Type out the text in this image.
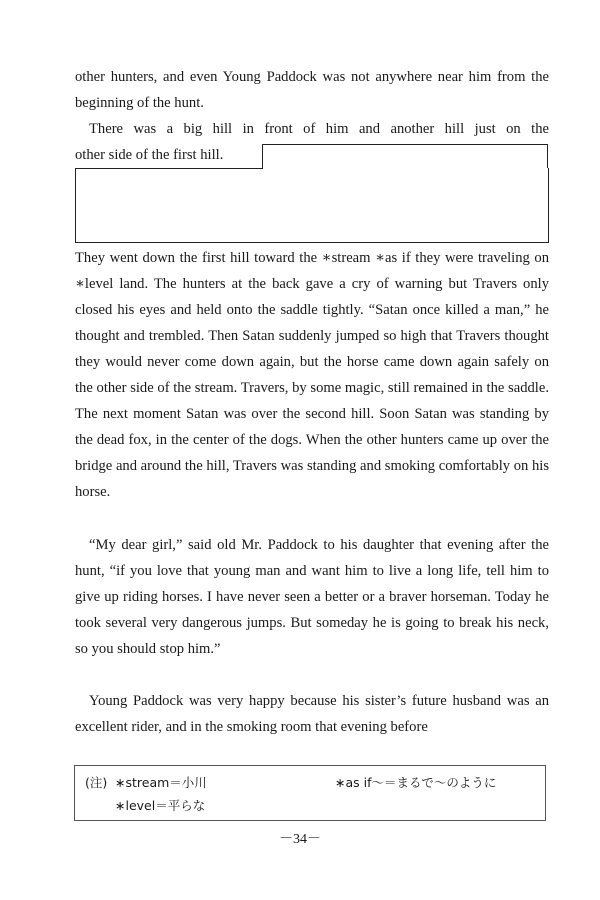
other hunters, and even Young Paddock was not anywhere near him from the beginning of the hunt.

There was a big hill in front of him and another hill just on the

other side of the first hill.

They went down the first hill toward the ∗stream ∗as if they were traveling on ∗level land. The hunters at the back gave a cry of warning but Travers only closed his eyes and held onto the saddle tightly. “Satan once killed a man,” he thought and trembled. Then Satan suddenly jumped so high that Travers thought they would never come down again, but the horse came down again safely on the other side of the stream. Travers, by some magic, still remained in the saddle. The next moment Satan was over the second hill. Soon Satan was standing by the dead fox, in the center of the dogs. When the other hunters came up over the bridge and around the hill, Travers was standing and smoking comfortably on his horse.

“My dear girl,” said old Mr. Paddock to his daughter that evening after the hunt, “if you love that young man and want him to live a long life, tell him to give up riding horses. I have never seen a better or a braver horseman. Today he took several very dangerous jumps. But someday he is going to break his neck, so you should stop him.”

Young Paddock was very happy because his sister’s future husband was an excellent rider, and in the smoking room that evening before

(注) ∗stream＝小川	∗as if～＝まるで～のように
∗level＝平らな
－34－
